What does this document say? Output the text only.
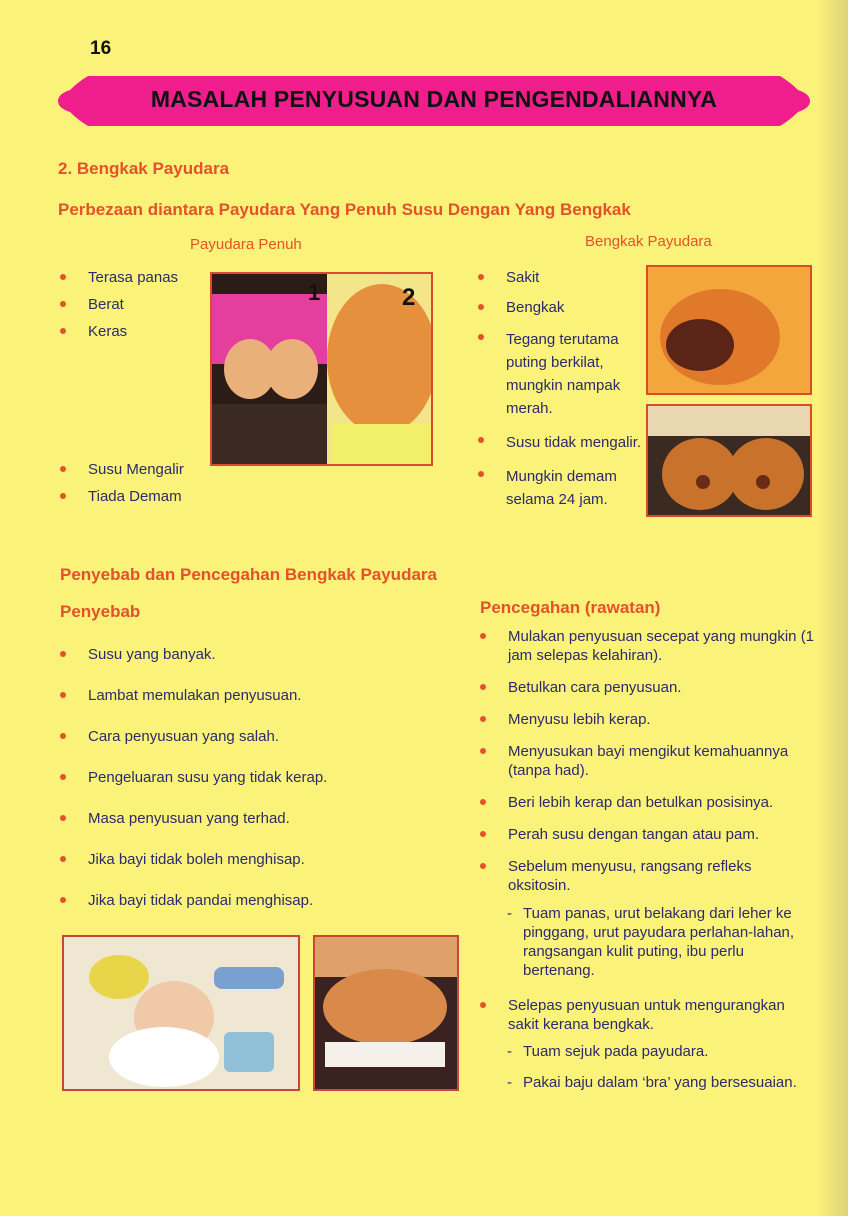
16
MASALAH PENYUSUAN DAN PENGENDALIANNYA
2. Bengkak Payudara
Perbezaan diantara Payudara Yang Penuh Susu Dengan Yang Bengkak
Payudara Penuh	Bengkak Payudara
Terasa panas
Berat
Keras
Susu Mengalir
Tiada Demam
1	2
Sakit
Bengkak
Tegang terutama puting berkilat, mungkin nampak merah.
Susu tidak mengalir.
Mungkin demam selama 24 jam.
Penyebab dan Pencegahan Bengkak Payudara
Penyebab	Pencegahan (rawatan)
Susu yang banyak.
Lambat memulakan penyusuan.
Cara penyusuan yang salah.
Pengeluaran susu yang tidak kerap.
Masa penyusuan yang terhad.
Jika bayi tidak boleh menghisap.
Jika bayi tidak pandai menghisap.
Mulakan penyusuan secepat yang mungkin (1 jam selepas kelahiran).
Betulkan cara penyusuan.
Menyusu lebih kerap.
Menyusukan bayi mengikut kemahuannya (tanpa had).
Beri lebih kerap dan betulkan posisinya.
Perah susu dengan tangan atau pam.
Sebelum menyusu, rangsang refleks oksitosin.
- Tuam panas, urut belakang dari leher ke pinggang, urut payudara perlahan-lahan, rangsangan kulit puting, ibu perlu bertenang.
Selepas penyusuan untuk mengurangkan sakit kerana bengkak.
- Tuam sejuk pada payudara.
- Pakai baju dalam ‘bra’ yang bersesuaian.
